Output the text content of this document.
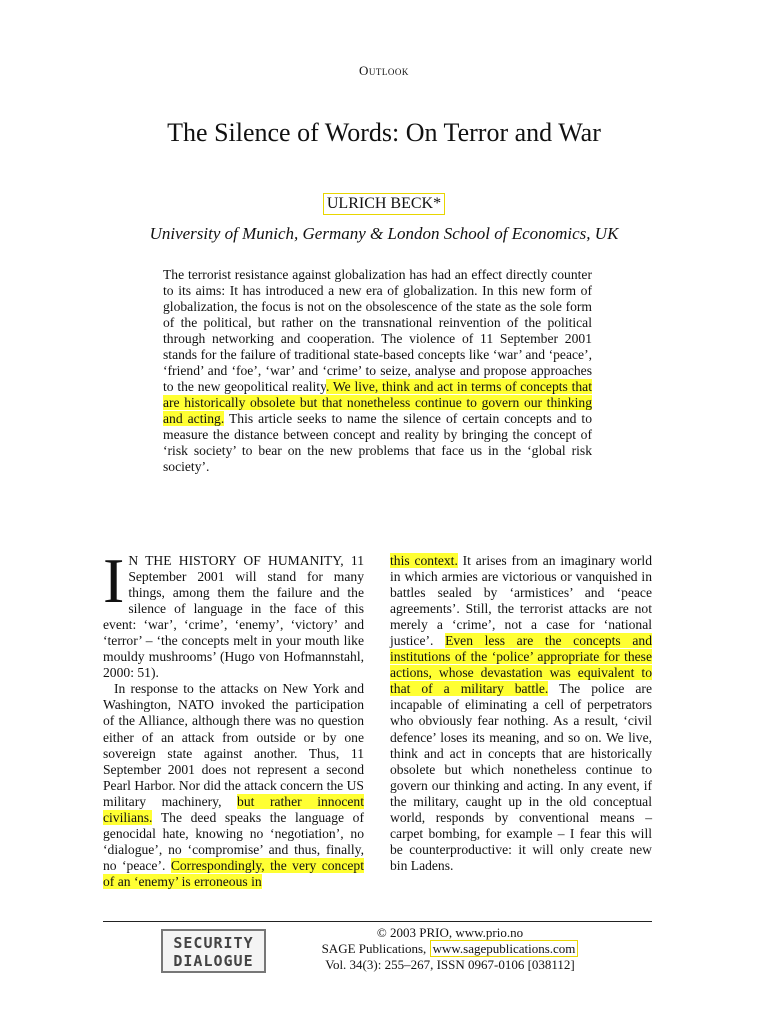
Outlook
The Silence of Words: On Terror and War
ULRICH BECK*
University of Munich, Germany & London School of Economics, UK
The terrorist resistance against globalization has had an effect directly counter to its aims: It has introduced a new era of globalization. In this new form of globalization, the focus is not on the obsolescence of the state as the sole form of the political, but rather on the transnational reinvention of the political through networking and cooperation. The violence of 11 September 2001 stands for the failure of traditional state-based concepts like ‘war’ and ‘peace’, ‘friend’ and ‘foe’, ‘war’ and ‘crime’ to seize, analyse and propose approaches to the new geopolitical reality. We live, think and act in terms of concepts that are historically obsolete but that nonetheless continue to govern our thinking and acting. This article seeks to name the silence of certain concepts and to measure the distance between concept and reality by bringing the concept of ‘risk society’ to bear on the new problems that face us in the ‘global risk society’.

I N THE HISTORY OF HUMANITY, 11 September 2001 will stand for many things, among them the failure and the silence of language in the face of this event: ‘war’, ‘crime’, ‘enemy’, ‘victory’ and ‘terror’ – ‘the concepts melt in your mouth like mouldy mushrooms’ (Hugo von Hofmannstahl, 2000: 51).

In response to the attacks on New York and Washington, NATO invoked the participation of the Alliance, although there was no question either of an attack from outside or by one sovereign state against another. Thus, 11 September 2001 does not represent a second Pearl Harbor. Nor did the attack concern the US military machinery, but rather innocent civilians. The deed speaks the language of genocidal hate, knowing no ‘negotiation’, no ‘dialogue’, no ‘compromise’ and thus, finally, no ‘peace’. Correspondingly, the very concept of an ‘enemy’ is erroneous in

this context. It arises from an imaginary world in which armies are victorious or vanquished in battles sealed by ‘armistices’ and ‘peace agreements’. Still, the terrorist attacks are not merely a ‘crime’, not a case for ‘national justice’. Even less are the concepts and institutions of the ‘police’ appropriate for these actions, whose devastation was equivalent to that of a military battle. The police are incapable of eliminating a cell of perpetrators who obviously fear nothing. As a result, ‘civil defence’ loses its meaning, and so on. We live, think and act in concepts that are historically obsolete but which nonetheless continue to govern our thinking and acting. In any event, if the military, caught up in the old conceptual world, responds by conventional means – carpet bombing, for example – I fear this will be counterproductive: it will only create new bin Ladens.

SECURITY
DIALOGUE
© 2003 PRIO, www.prio.no
SAGE Publications, www.sagepublications.com
Vol. 34(3): 255–267, ISSN 0967-0106 [038112]
